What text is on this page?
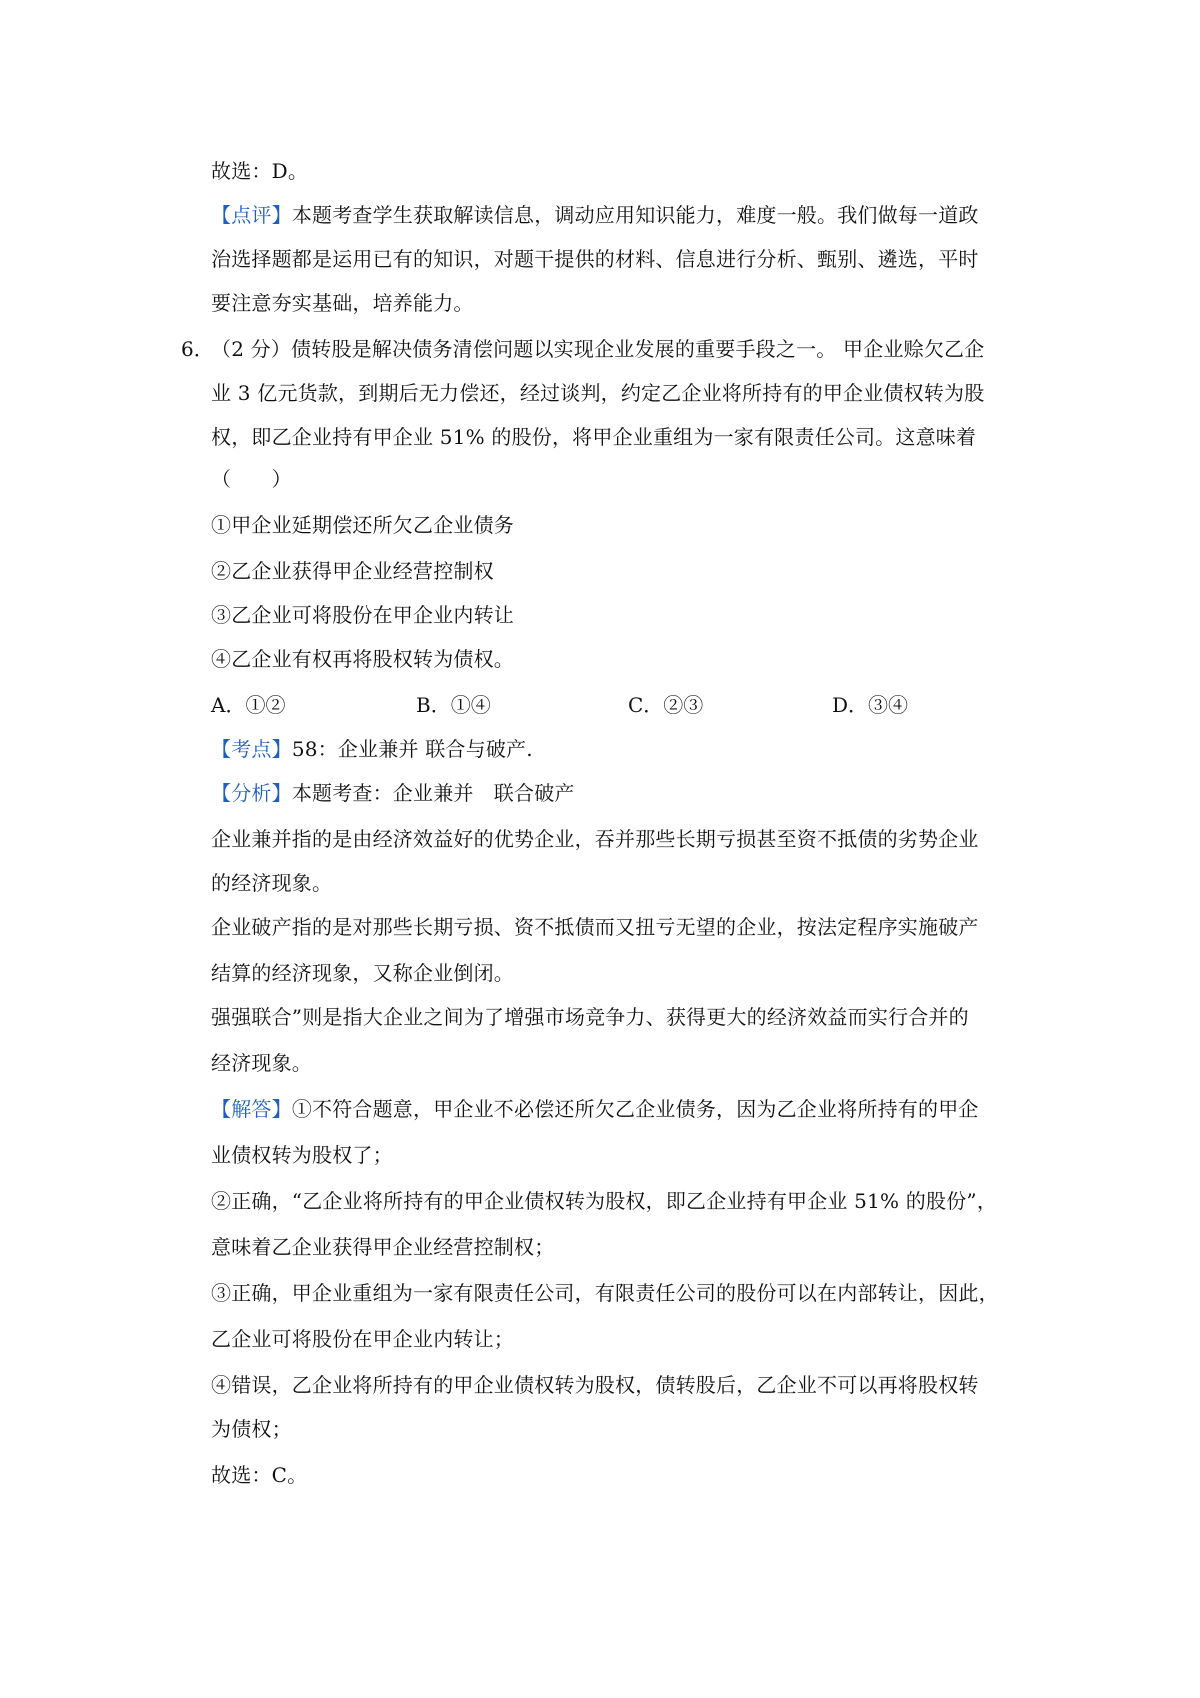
故选：D。
【点评】本题考查学生获取解读信息，调动应用知识能力，难度一般。我们做每一道政
治选择题都是运用已有的知识，对题干提供的材料、信息进行分析、甄别、遴选，平时
要注意夯实基础，培养能力。
6．
（2 分）债转股是解决债务清偿问题以实现企业发展的重要手段之一。 甲企业赊欠乙企
业 3 亿元货款，到期后无力偿还，经过谈判，约定乙企业将所持有的甲企业债权转为股
权，即乙企业持有甲企业 51% 的股份，将甲企业重组为一家有限责任公司。这意味着
（　　）
①甲企业延期偿还所欠乙企业债务
②乙企业获得甲企业经营控制权
③乙企业可将股份在甲企业内转让
④乙企业有权再将股权转为债权。
A．①②	B．①④	C．②③	D．③④
【考点】58：企业兼并 联合与破产.
【分析】本题考查：企业兼并　联合破产
企业兼并指的是由经济效益好的优势企业，吞并那些长期亏损甚至资不抵债的劣势企业
的经济现象。
企业破产指的是对那些长期亏损、资不抵债而又扭亏无望的企业，按法定程序实施破产
结算的经济现象，又称企业倒闭。
强强联合”则是指大企业之间为了增强市场竞争力、获得更大的经济效益而实行合并的
经济现象。
【解答】①不符合题意，甲企业不必偿还所欠乙企业债务，因为乙企业将所持有的甲企
业债权转为股权了；
②正确，“乙企业将所持有的甲企业债权转为股权，即乙企业持有甲企业 51% 的股份”，
意味着乙企业获得甲企业经营控制权；
③正确，甲企业重组为一家有限责任公司，有限责任公司的股份可以在内部转让，因此，
乙企业可将股份在甲企业内转让；
④错误，乙企业将所持有的甲企业债权转为股权，债转股后，乙企业不可以再将股权转
为债权；
故选：C。
